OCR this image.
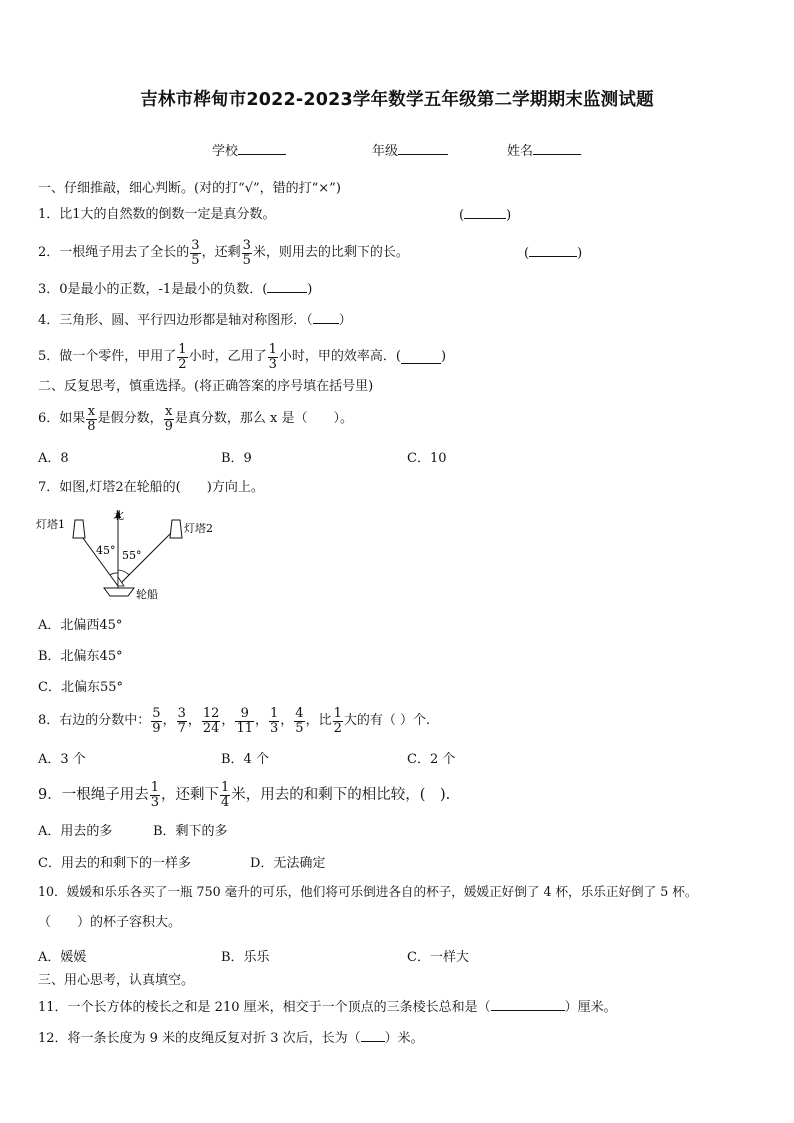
吉林市桦甸市2022-2023学年数学五年级第二学期期末监测试题
学校	年级	姓名
一、仔细推敲，细心判断。(对的打“√”，错的打“×”)
1．比1大的自然数的倒数一定是真分数。	(	)
2．一根绳子用去了全长的 $\frac{3}{5}$ ，还剩 $\frac{3}{5}$ 米，则用去的比剩下的长。	(	)
3．0是最小的正数，-1是最小的负数．(	)
4．三角形、圆、平行四边形都是轴对称图形．（ ）
5．做一个零件，甲用了 $\frac{1}{2}$ 小时，乙用了 $\frac{1}{3}$ 小时，甲的效率高．(	)
二、反复思考，慎重选择。(将正确答案的序号填在括号里)
6．如果 $\frac{x}{8}$ 是假分数， $\frac{x}{9}$ 是真分数，那么 x 是（　　）。
A．8	B．9	C．10
7．如图,灯塔2在轮船的(　　)方向上。
北
灯塔1	灯塔2
45° 55°
轮船
A．北偏西45°
B．北偏东45°
C．北偏东55°
8．右边的分数中： $\frac{5}{9}$ ， $\frac{3}{7}$ ， $\frac{12}{24}$ ， $\frac{9}{11}$ ， $\frac{1}{3}$ ， $\frac{4}{5}$ ，比 $\frac{1}{2}$ 大的有（ ）个.
A．3 个	B．4 个	C．2 个
9．一根绳子用去 $\frac{1}{3}$ ，还剩下 $\frac{1}{4}$ 米，用去的和剩下的相比较，(　).
A．用去的多	B．剩下的多
C．用去的和剩下的一样多	D．无法确定
10．媛媛和乐乐各买了一瓶 750 毫升的可乐，他们将可乐倒进各自的杯子，媛媛正好倒了 4 杯，乐乐正好倒了 5 杯。
（　　）的杯子容积大。
A．媛媛	B．乐乐	C．一样大
三、用心思考，认真填空。
11．一个长方体的棱长之和是 210 厘米，相交于一个顶点的三条棱长总和是（	）厘米。
12．将一条长度为 9 米的皮绳反复对折 3 次后，长为（ ）米。
